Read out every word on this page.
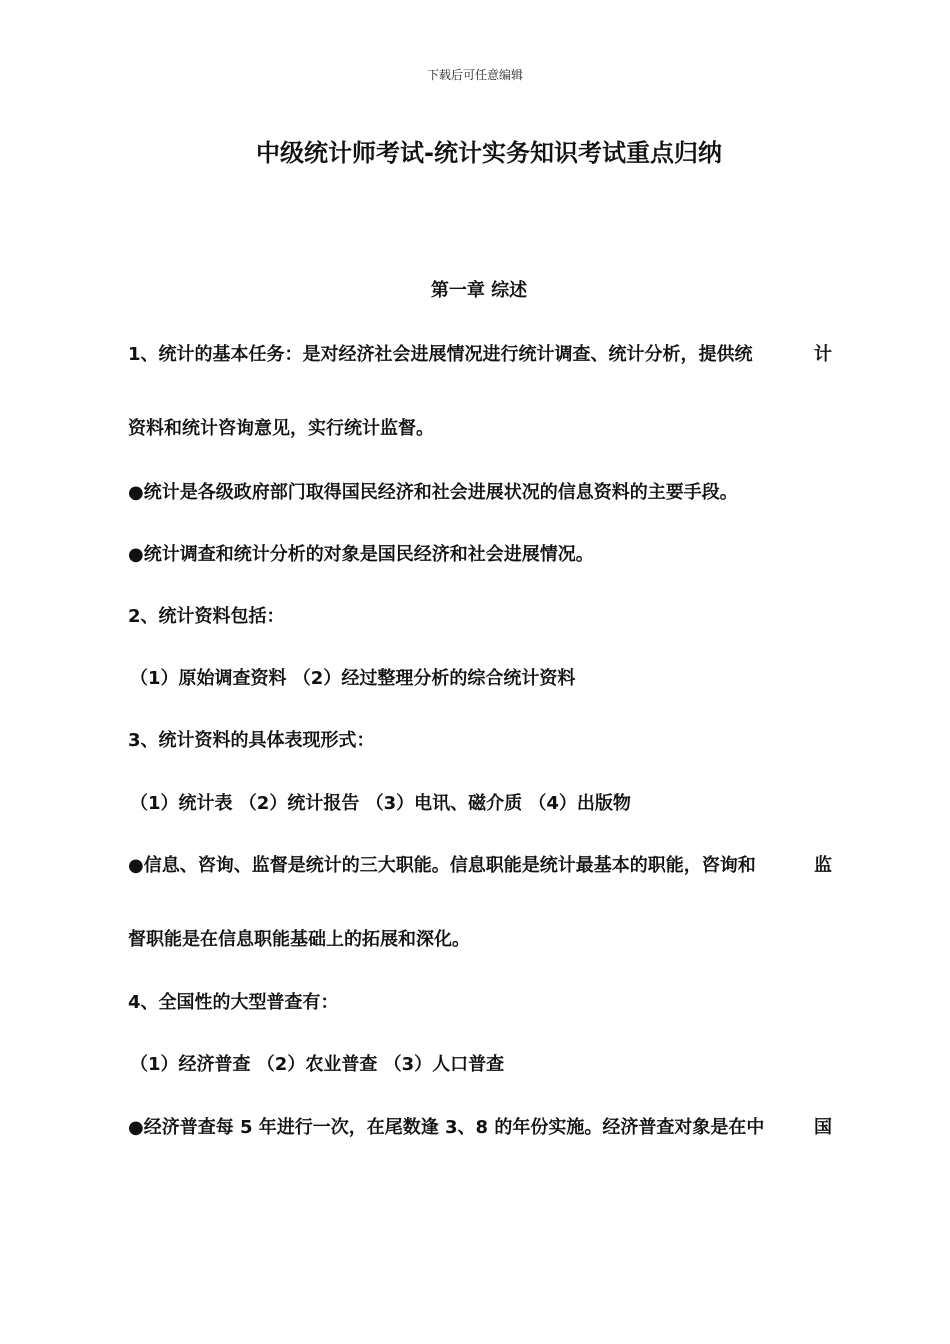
下载后可任意编辑
中级统计师考试-统计实务知识考试重点归纳
第一章 综述
1、统计的基本任务：是对经济社会进展情况进行统计调查、统计分析，提供统	计
资料和统计咨询意见，实行统计监督。
●统计是各级政府部门取得国民经济和社会进展状况的信息资料的主要手段。
●统计调查和统计分析的对象是国民经济和社会进展情况。
2、统计资料包括：
（1）原始调查资料 （2）经过整理分析的综合统计资料
3、统计资料的具体表现形式：
（1）统计表 （2）统计报告 （3）电讯、磁介质 （4）出版物
●信息、咨询、监督是统计的三大职能。信息职能是统计最基本的职能，咨询和	监
督职能是在信息职能基础上的拓展和深化。
4、全国性的大型普查有：
（1）经济普查 （2）农业普查 （3）人口普查
●经济普查每 5 年进行一次，在尾数逢 3、8 的年份实施。经济普查对象是在中	国
